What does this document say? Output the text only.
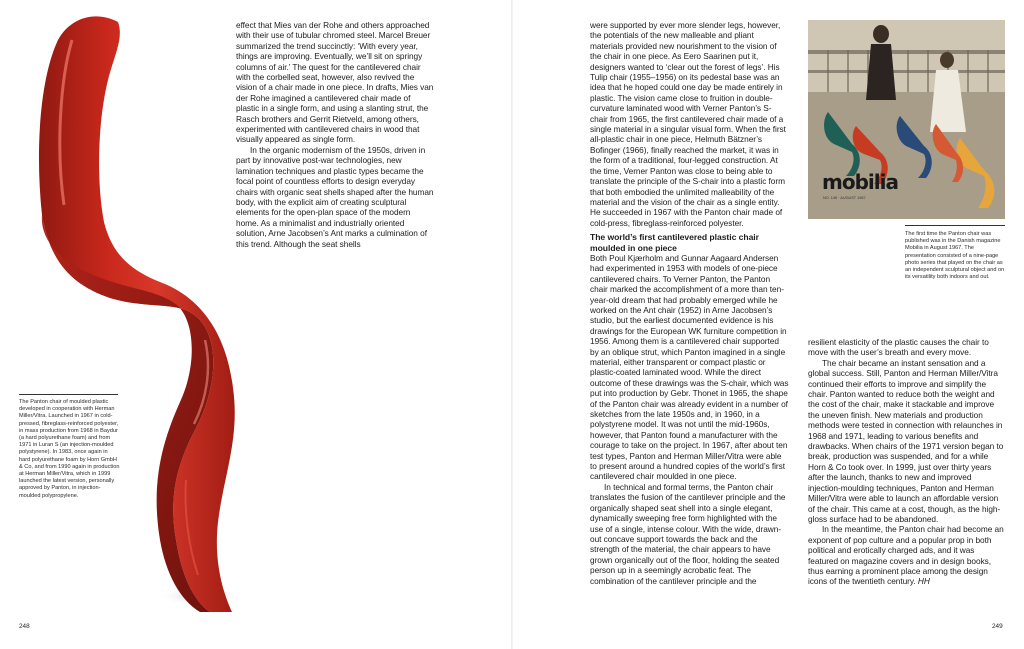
effect that Mies van der Rohe and others approached with their use of tubular chromed steel. Marcel Breuer summarized the trend succinctly: ‘With every year, things are improving. Eventually, we’ll sit on springy columns of air.’ The quest for the cantilevered chair with the corbelled seat, however, also revived the vision of a chair made in one piece. In drafts, Mies van der Rohe imagined a cantilevered chair made of plastic in a single form, and using a slanting strut, the Rasch brothers and Gerrit Rietveld, among others, experimented with cantilevered chairs in wood that visually appeared as single form.

In the organic modernism of the 1950s, driven in part by innovative post-war technologies, new lamination techniques and plastic types became the focal point of countless efforts to design everyday chairs with organic seat shells shaped after the human body, with the explicit aim of creating sculptural elements for the open-plan space of the modern home. As a minimalist and industrially oriented solution, Arne Jacobsen’s Ant marks a culmination of this trend. Although the seat shells

The Panton chair of moulded plastic developed in cooperation with Herman Miller/Vitra. Launched in 1967 in cold-pressed, fibreglass-reinforced polyester, in mass production from 1968 in Baydur (a hard polyurethane foam) and from 1971 in Luran S (an injection-moulded polystyrene). In 1983, once again in hard polyurethane foam by Horn GmbH & Co, and from 1990 again in production at Herman Miller/Vitra, which in 1999 launched the latest version, personally approved by Panton, in injection-moulded polypropylene.
248

were supported by ever more slender legs, however, the potentials of the new malleable and pliant materials provided new nourishment to the vision of the chair in one piece. As Eero Saarinen put it, designers wanted to ‘clear out the forest of legs’. His Tulip chair (1955–1956) on its pedestal base was an idea that he hoped could one day be made entirely in plastic. The vision came close to fruition in double-curvature laminated wood with Verner Panton’s S-chair from 1965, the first cantilevered chair made of a single material in a singular visual form. When the first all-plastic chair in one piece, Helmuth Bätzner’s Bofinger (1966), finally reached the market, it was in the form of a traditional, four-legged construction. At the time, Verner Panton was close to being able to translate the principle of the S-chair into a plastic form that both embodied the unlimited malleability of the material and the vision of the chair as a single entity. He succeeded in 1967 with the Panton chair made of cold-press, fibreglass-reinforced polyester.

The world’s first cantilevered plastic chair moulded in one piece

Both Poul Kjærholm and Gunnar Aagaard Andersen had experimented in 1953 with models of one-piece cantilevered chairs. To Verner Panton, the Panton chair marked the accomplishment of a more than ten-year-old dream that had probably emerged while he worked on the Ant chair (1952) in Arne Jacobsen’s studio, but the earliest documented evidence is his drawings for the European WK furniture competition in 1956. Among them is a cantilevered chair supported by an oblique strut, which Panton imagined in a single material, either transparent or compact plastic or plastic-coated laminated wood. While the direct outcome of these drawings was the S-chair, which was put into production by Gebr. Thonet in 1965, the shape of the Panton chair was already evident in a number of sketches from the late 1950s and, in 1960, in a polystyrene model. It was not until the mid-1960s, however, that Panton found a manufacturer with the courage to take on the project. In 1967, after about ten test types, Panton and Herman Miller/Vitra were able to present around a hundred copies of the world’s first cantilevered chair moulded in one piece.

In technical and formal terms, the Panton chair translates the fusion of the cantilever principle and the organically shaped seat shell into a single elegant, dynamically sweeping free form highlighted with the use of a single, intense colour. With the wide, drawn-out concave support towards the back and the strength of the material, the chair appears to have grown organically out of the floor, holding the seated person up in a seemingly acrobatic feat. The combination of the cantilever principle and the

mobilia
NO. 146 · AUGUST 1967
The first time the Panton chair was published was in the Danish magazine Mobilia in August 1967. The presentation consisted of a nine-page photo series that played on the chair as an independent sculptural object and on its versatility both indoors and out.

resilient elasticity of the plastic causes the chair to move with the user’s breath and every move.

The chair became an instant sensation and a global success. Still, Panton and Herman Miller/Vitra continued their efforts to improve and simplify the chair. Panton wanted to reduce both the weight and the cost of the chair, make it stackable and improve the uneven finish. New materials and production methods were tested in connection with relaunches in 1968 and 1971, leading to various benefits and drawbacks. When chairs of the 1971 version began to break, production was suspended, and for a while Horn & Co took over. In 1999, just over thirty years after the launch, thanks to new and improved injection-moulding techniques, Panton and Herman Miller/Vitra were able to launch an affordable version of the chair. This came at a cost, though, as the high-gloss surface had to be abandoned.

In the meantime, the Panton chair had become an exponent of pop culture and a popular prop in both political and erotically charged ads, and it was featured on magazine covers and in design books, thus earning a prominent place among the design icons of the twentieth century. HH

249
